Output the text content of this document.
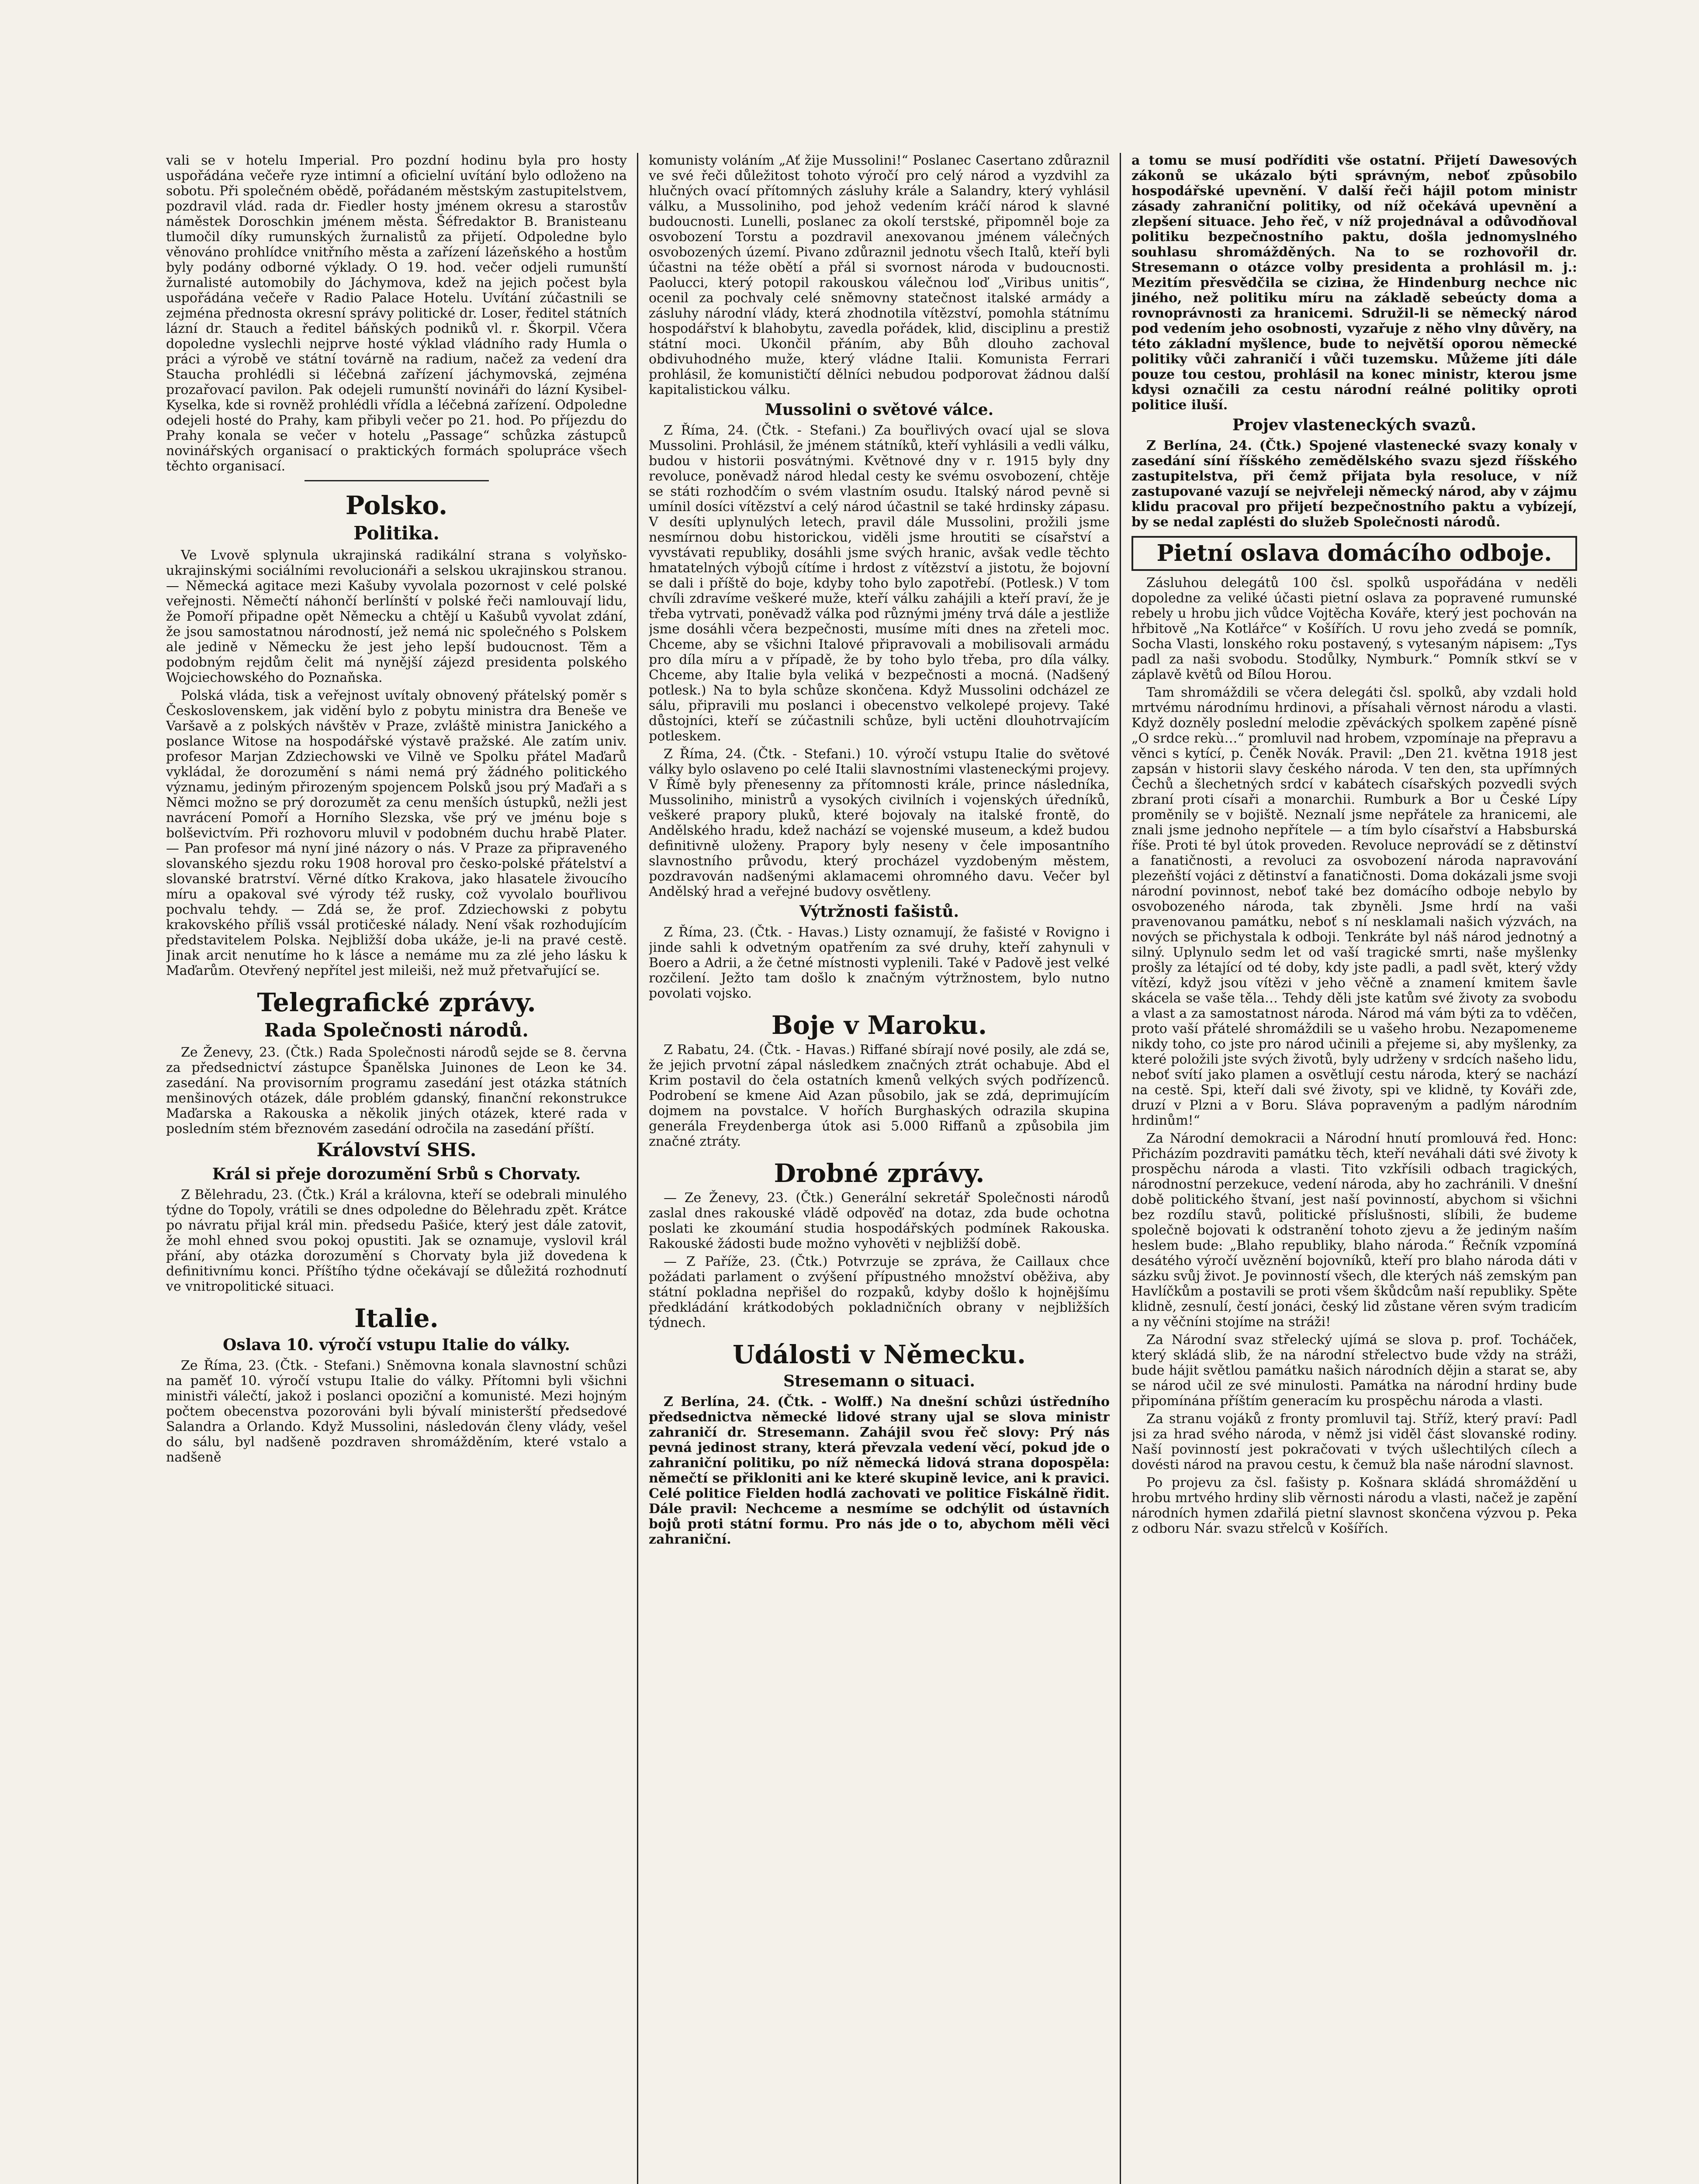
vali se v hotelu Imperial. Pro pozdní hodinu byla pro hosty uspořádána večeře ryze intimní a oficielní uvítání bylo odloženo na sobotu. Při společném obědě, pořádaném městským zastupitelstvem, pozdravil vlád. rada dr. Fiedler hosty jménem okresu a starostův náměstek Doroschkin jménem města. Šéfredaktor B. Branisteanu tlumočil díky rumunských žurnalistů za přijetí. Odpoledne bylo věnováno prohlídce vnitřního města a zařízení lázeňského a hostům byly podány odborné výklady. O 19. hod. večer odjeli rumunští žurnalisté automobily do Jáchymova, kdež na jejich počest byla uspořádána večeře v Radio Palace Hotelu. Uvítání zúčastnili se zejména přednosta okresní správy politické dr. Loser, ředitel státních lázní dr. Stauch a ředitel báňských podniků vl. r. Škorpil. Včera dopoledne vyslechli nejprve hosté výklad vládního rady Humla o práci a výrobě ve státní továrně na radium, načež za vedení dra Stauchа prohlédli si léčebná zařízení jáchymovská, zejména prozařovací pavilon. Pak odejeli rumunští novináři do lázní Kysibel-Kyselka, kde si rovněž prohlédli vřídla a léčebná zařízení. Odpoledne odejeli hosté do Prahy, kam přibyli večer po 21. hod. Po příjezdu do Prahy konala se večer v hotelu „Passage“ schůzka zástupců novinářských organisací o praktických formách spolupráce všech těchto organisací.

Polsko.
Politika.

Ve Lvově splynula ukrajinská radikální strana s volyňsko-ukrajinskými sociálními revolucionáři a selskou ukrajinskou stranou. — Německá agitace mezi Kašuby vyvolala pozornost v celé polské veřejnosti. Němečtí náhončí berlínští v polské řeči namlouvají lidu, že Pomoří připadne opět Německu a chtějí u Kašubů vyvolat zdání, že jsou samostatnou národností, jež nemá nic společného s Polskem ale jedině v Německu že jest jeho lepší budoucnost. Těm a podobným rejdům čelit má nynější zájezd presidenta polského Wojciechowského do Poznaňska.

Polská vláda, tisk a veřejnost uvítaly obnovený přátelský poměr s Československem, jak vidění bylo z pobytu ministra dra Beneše ve Varšavě a z polských návštěv v Praze, zvláště ministra Janického a poslance Witose na hospodářské výstavě pražské. Ale zatím univ. profesor Marjan Zdziechowski ve Vilně ve Spolku přátel Maďarů vykládal, že dorozumění s námi nemá prý žádného politického významu, jediným přirozeným spojencem Polsků jsou prý Maďaři a s Němci možno se prý dorozumět za cenu menších ústupků, nežli jest navrácení Pomoří a Horního Slezska, vše prý ve jménu boje s bolševictvím. Při rozhovoru mluvil v podobném duchu hrabě Plater. — Pan profesor má nyní jiné názory o nás. V Praze za připraveného slovanského sjezdu roku 1908 horoval pro česko-polské přátelství a slovanské bratrství. Věrné dítko Krakova, jako hlasatele živoucího míru a opakoval své výrody též rusky, což vyvolalo bouřlivou pochvalu tehdy. — Zdá se, že prof. Zdziechowski z pobytu krakovského příliš vssál protičeské nálady. Není však rozhodujícím představitelem Polska. Nejbližší doba ukáže, je-li na pravé cestě. Jinak arcit nenutíme ho k lásce a nemáme mu za zlé jeho lásku k Maďarům. Otevřený nepřítel jest mileiši, než muž přetvařující se.

Telegrafické zprávy.
Rada Společnosti národů.

Ze Ženevy, 23. (Čtk.) Rada Společnosti národů sejde se 8. června za předsednictví zástupce Španělska Juinones de Leon ke 34. zasedání. Na provisorním programu zasedání jest otázka státních menšinových otázek, dále problém gdanský, finanční rekonstrukce Maďarska a Rakouska a několik jiných otázek, které rada v posledním stém březnovém zasedání odročila na zasedání příští.

Království SHS.
Král si přeje dorozumění Srbů s Chorvaty.

Z Bělehradu, 23. (Čtk.) Král a královna, kteří se odebrali minulého týdne do Topoly, vrátili se dnes odpoledne do Bělehradu zpět. Krátce po návratu přijal král min. předsedu Pašiće, který jest dále zatovit, že mohl ehned svou pokoj opustiti. Jak se oznamuje, vyslovil král přání, aby otázka dorozumění s Chorvaty byla již dovedena k definitivnímu konci. Příštího týdne očekávají se důležitá rozhodnutí ve vnitropolitické situaci.

Italie.
Oslava 10. výročí vstupu Italie do války.

Ze Říma, 23. (Čtk. - Stefani.) Sněmovna konala slavnostní schůzi na paměť 10. výročí vstupu Italie do války. Přítomni byli všichni ministři válečtí, jakož i poslanci opoziční a komunisté. Mezi hojným počtem obecenstva pozorováni byli bývalí ministerští předsedové Salandra a Orlando. Když Mussolini, následován členy vlády, vešel do sálu, byl nadšeně pozdraven shromážděním, které vstalo a nadšeně

komunisty voláním „Ať žije Mussolini!“ Poslanec Casertano zdůraznil ve své řeči důležitost tohoto výročí pro celý národ a vyzdvihl za hlučných ovací přítomných zásluhy krále a Salandry, který vyhlásil válku, a Mussoliniho, pod jehož vedením kráčí národ k slavné budoucnosti. Lunelli, poslanec za okolí terstské, připomněl boje za osvobození Torstu a pozdravil anexovanou jménem válečných osvobozených území. Pivano zdůraznil jednotu všech Italů, kteří byli účastni na téže obětí a přál si svornost národa v budoucnosti. Paolucci, který potopil rakouskou válečnou loď „Viribus unitis“, ocenil za pochvaly celé sněmovny statečnost italské armády a zásluhy národní vlády, která zhodnotila vítězství, pomohla státnímu hospodářství k blahobytu, zavedla pořádek, klid, disciplinu a prestiž státní moci. Ukončil přáním, aby Bůh dlouho zachoval obdivuhodného muže, který vládne Italii. Komunista Ferrari prohlásil, že komunističtí dělníci nebudou podporovat žádnou další kapitalistickou válku.

Mussolini o světové válce.

Z Říma, 24. (Čtk. - Stefani.) Za bouřlivých ovací ujal se slova Mussolini. Prohlásil, že jménem státníků, kteří vyhlásili a vedli válku, budou v historii posvátnými. Květnové dny v r. 1915 byly dny revoluce, poněvadž národ hledal cesty ke svému osvobození, chtěje se státi rozhodčím o svém vlastním osudu. Italský národ pevně si umínil dosíci vítězství a celý národ účastnil se také hrdinsky zápasu. V desíti uplynulých letech, pravil dále Mussolini, prožili jsme nesmírnou dobu historickou, viděli jsme hroutiti se císařství a vyvstávati republiky, dosáhli jsme svých hranic, avšak vedle těchto hmatatelných výbojů cítíme i hrdost z vítězství a jistotu, že bojovní se dali i příště do boje, kdyby toho bylo zapotřebí. (Potlesk.) V tom chvíli zdravíme veškeré muže, kteří válku zahájili a kteří praví, že je třeba vytrvati, poněvadž válka pod různými jmény trvá dále a jestliže jsme dosáhli včera bezpečnosti, musíme míti dnes na zřeteli moc. Chceme, aby se všichni Italové připravovali a mobilisovali armádu pro díla míru a v případě, že by toho bylo třeba, pro díla války. Chceme, aby Italie byla veliká v bezpečnosti a mocná. (Nadšený potlesk.) Na to byla schůze skončena. Když Mussolini odcházel ze sálu, připravili mu poslanci i obecenstvo velkolepé projevy. Také důstojníci, kteří se zúčastnili schůze, byli uctěni dlouhotrvajícím potleskem.

Z Říma, 24. (Čtk. - Stefani.) 10. výročí vstupu Italie do světové války bylo oslaveno po celé Italii slavnostními vlasteneckými projevy. V Římě byly přenesenny za přítomnosti krále, prince následníka, Mussoliniho, ministrů a vysokých civilních i vojenských úředníků, veškeré prapory pluků, které bojovaly na italské frontě, do Andělského hradu, kdež nachází se vojenské museum, a kdež budou definitivně uloženy. Prapory byly neseny v čele imposantního slavnostního průvodu, který procházel vyzdobeným městem, pozdravován nadšenými aklamacemi ohromného davu. Večer byl Andělský hrad a veřejné budovy osvětleny.

Výtržnosti fašistů.

Z Říma, 23. (Čtk. - Havas.) Listy oznamují, že fašisté v Rovigno i jinde sahli k odvetným opatřením za své druhy, kteří zahynuli v Boero a Adrii, a že četné místnosti vyplenili. Také v Padově jest velké rozčilení. Ježto tam došlo k značným výtržnostem, bylo nutno povolati vojsko.

Boje v Maroku.

Z Rabatu, 24. (Čtk. - Havas.) Riffané sbírají nové posily, ale zdá se, že jejich prvotní zápal následkem značných ztrát ochabuje. Abd el Krim postavil do čela ostatních kmenů velkých svých podřízenců. Podrobení se kmene Aid Azan působilo, jak se zdá, deprimujícím dojmem na povstalce. V hořích Burghaských odrazila skupina generála Freydenberga útok asi 5.000 Riffanů a způsobila jim značné ztráty.

Drobné zprávy.

— Ze Ženevy, 23. (Čtk.) Generální sekretář Společnosti národů zaslal dnes rakouské vládě odpověď na dotaz, zda bude ochotna poslati ke zkoumání studia hospodářských podmínek Rakouska. Rakouské žádosti bude možno vyhověti v nejbližší době.

— Z Paříže, 23. (Čtk.) Potvrzuje se zpráva, že Caillaux chce požádati parlament o zvýšení přípustného množství oběživa, aby státní pokladna nepřišel do rozpaků, kdyby došlo k hojnějšímu předkládání krátkodobých pokladničních obrany v nejbližších týdnech.

Události v Německu.
Stresemann o situaci.

Z Berlína, 24. (Čtk. - Wolff.) Na dnešní schůzi ústředního předsednictva německé lidové strany ujal se slova ministr zahraničí dr. Stresemann. Zahájil svou řeč slovy: Prý nás pevná jedinost strany, která převzala vedení věcí, pokud jde o zahraniční politiku, po níž německá lidová strana dopospěla: němečtí se přikloniti ani ke které skupině levice, ani k pravici. Celé politice Fielden hodlá zachovati ve politice Fiskálně řidit. Dále pravil: Nechceme a nesmíme se odchýlit od ústavních bojů proti státní formu. Pro nás jde o to, abychom měli věci zahraniční.

a tomu se musí podříditi vše ostatní. Přijetí Dawesových zákonů se ukázalo býti správným, neboť způsobilo hospodářské upevnění. V další řeči hájil potom ministr zásady zahraniční politiky, od níž očekává upevnění a zlepšení situace. Jeho řeč, v níž projednával a odůvodňoval politiku bezpečnostního paktu, došla jednomyslného souhlasu shromážděných. Na to se rozhovořil dr. Stresemann o otázce volby presidenta a prohlásil m. j.: Mezitím přesvědčila se ciziна, že Hindenburg nechce nic jiného, než politiku míru na základě sebeúcty doma a rovnoprávnosti za hranicemi. Sdružil-li se německý národ pod vedením jeho osobnosti, vyzařuje z něho vlny důvěry, na této základní myšlence, bude to největší oporou německé politiky vůči zahraničí i vůči tuzemsku. Můžeme jíti dále pouze tou cestou, prohlásil na konec ministr, kterou jsme kdysi označili za cestu národní reálné politiky oproti politice iluší.

Projev vlasteneckých svazů.

Z Berlína, 24. (Čtk.) Spojené vlastenecké svazy konaly v zasedání síní říšského zemědělského svazu sjezd říšského zastupitelstva, při čemž přijata byla resoluce, v níž zastupované vazují se nejvřeleji německý národ, aby v zájmu klidu pracoval pro přijetí bezpečnostního paktu a vybízejí, by se nedal zaplésti do služeb Společnosti národů.

Pietní oslava domácího odboje.

Zásluhou delegátů 100 čsl. spolků uspořádána v neděli dopoledne za veliké účasti pietní oslava za popravené rumunské rebely u hrobu jich vůdce Vojtěcha Kováře, který jest pochován na hřbitově „Na Kotlářce“ v Košířích. U rovu jeho zvedá se pomník, Socha Vlasti, lonského roku postavený, s vytesaným nápisem: „Tys padl za naši svobodu. Stodůlky, Nymburk.“ Pomník stkví se v záplavě květů od Bílou Horou.

Tam shromáždili se včera delegáti čsl. spolků, aby vzdali hold mrtvému národnímu hrdinovi, a přísahali věrnost národu a vlasti. Když dozněly poslední melodie zpěváckých spolkem zapěné písně „O srdce rekù…“ promluvil nad hrobem, vzpomínaje na přepravu a věnci s kytící, p. Čeněk Novák. Pravil: „Den 21. května 1918 jest zapsán v historii slavy českého národa. V ten den, sta upřímných Čechů a šlechetných srdcí v kabátech císařských pozvedli svých zbraní proti císaři a monarchii. Rumburk a Bor u České Lípy proměnily se v bojiště. Neznalí jsme nepřátele za hranicemi, ale znali jsme jednoho nepřítele — a tím bylo císařství a Habsburská říše. Proti té byl útok proveden. Revoluce neprovádí se z dětinství a fanatičnosti, a revoluci za osvobození národa napravování plezeňští vojáci z dětinství a fanatičnosti. Doma dokázali jsme svoji národní povinnost, neboť také bez domácího odboje nebylo by osvobozeného národa, tak zbyněli. Jsme hrdí na vaši pravenovanou památku, neboť s ní nesklamali našich výzvách, na nových se přichystala k odboji. Tenkráte byl náš národ jednotný a silný. Uplynulo sedm let od vaší tragické smrti, naše myšlenky prošly za létající od té doby, kdy jste padli, a padl svět, který vždy vítězí, když jsou vítězi v jeho věčně a znamení kmitem šavle skácela se vaše těla… Tehdy děli jste katům své životy za svobodu a vlast a za samostatnost národa. Národ má vám býti za to vděčen, proto vaší přátelé shromáždili se u vašeho hrobu. Nezapomeneme nikdy toho, co jste pro národ učinili a přejeme si, aby myšlenky, za které položili jste svých životů, byly udrženy v srdcích našeho lidu, neboť svítí jako plamen a osvětlují cestu národa, který se nachází na cestě. Spi, kteří dali své životy, spi ve klidně, ty Kováři zde, druzí v Plzni a v Boru. Sláva popraveným a padlým národním hrdinům!“

Za Národní demokracii a Národní hnutí promlouvá řed. Honc: Přicházím pozdraviti památku těch, kteří neváhali dáti své životy k prospěchu národa a vlasti. Tito vzkřísili odbach tragických, národnostní perzekuce, vedení národa, aby ho zachránili. V dnešní době politického štvaní, jest naší povinností, abychom si všichni bez rozdílu stavů, politické příslušnosti, slíbili, že budeme společně bojovati k odstranění tohoto zjevu a že jediným naším heslem bude: „Blaho republiky, blaho národa.“ Řečník vzpomíná desátého výročí uvěznění bojovníků, kteří pro blaho národa dáti v sázku svůj život. Je povinností všech, dle kterých náš zemským pan Havlíčkům a postavili se proti všem škůdcům naší republiky. Spěte klidně, zesnulí, čestí jonáci, český lid zůstane věren svým tradicím a ny věčníni stojíme na stráži!

Za Národní svaz střelecký ujímá se slova p. prof. Tocháček, který skládá slib, že na národní střelectvo bude vždy na stráži, bude hájit světlou památku našich národních dějin a starat se, aby se národ učil ze své minulosti. Památka na národní hrdiny bude připomínána příštím generacím ku prospěchu národa a vlasti.

Za stranu vojáků z fronty promluvil taj. Stříž, který praví: Padl jsi za hrad svého národa, v němž jsi viděl část slovanské rodiny. Naší povinností jest pokračovati v tvých ušlechtilých cílech a dovésti národ na pravou cestu, k čemuž bla naše národní slavnost.

Po projevu za čsl. fašisty p. Košnara skládá shromáždění u hrobu mrtvého hrdiny slib věrnosti národu a vlasti, načež je zapění národních hymen zdařilá pietní slavnost skončena výzvou p. Peka z odboru Nár. svazu střelců v Košířích.
